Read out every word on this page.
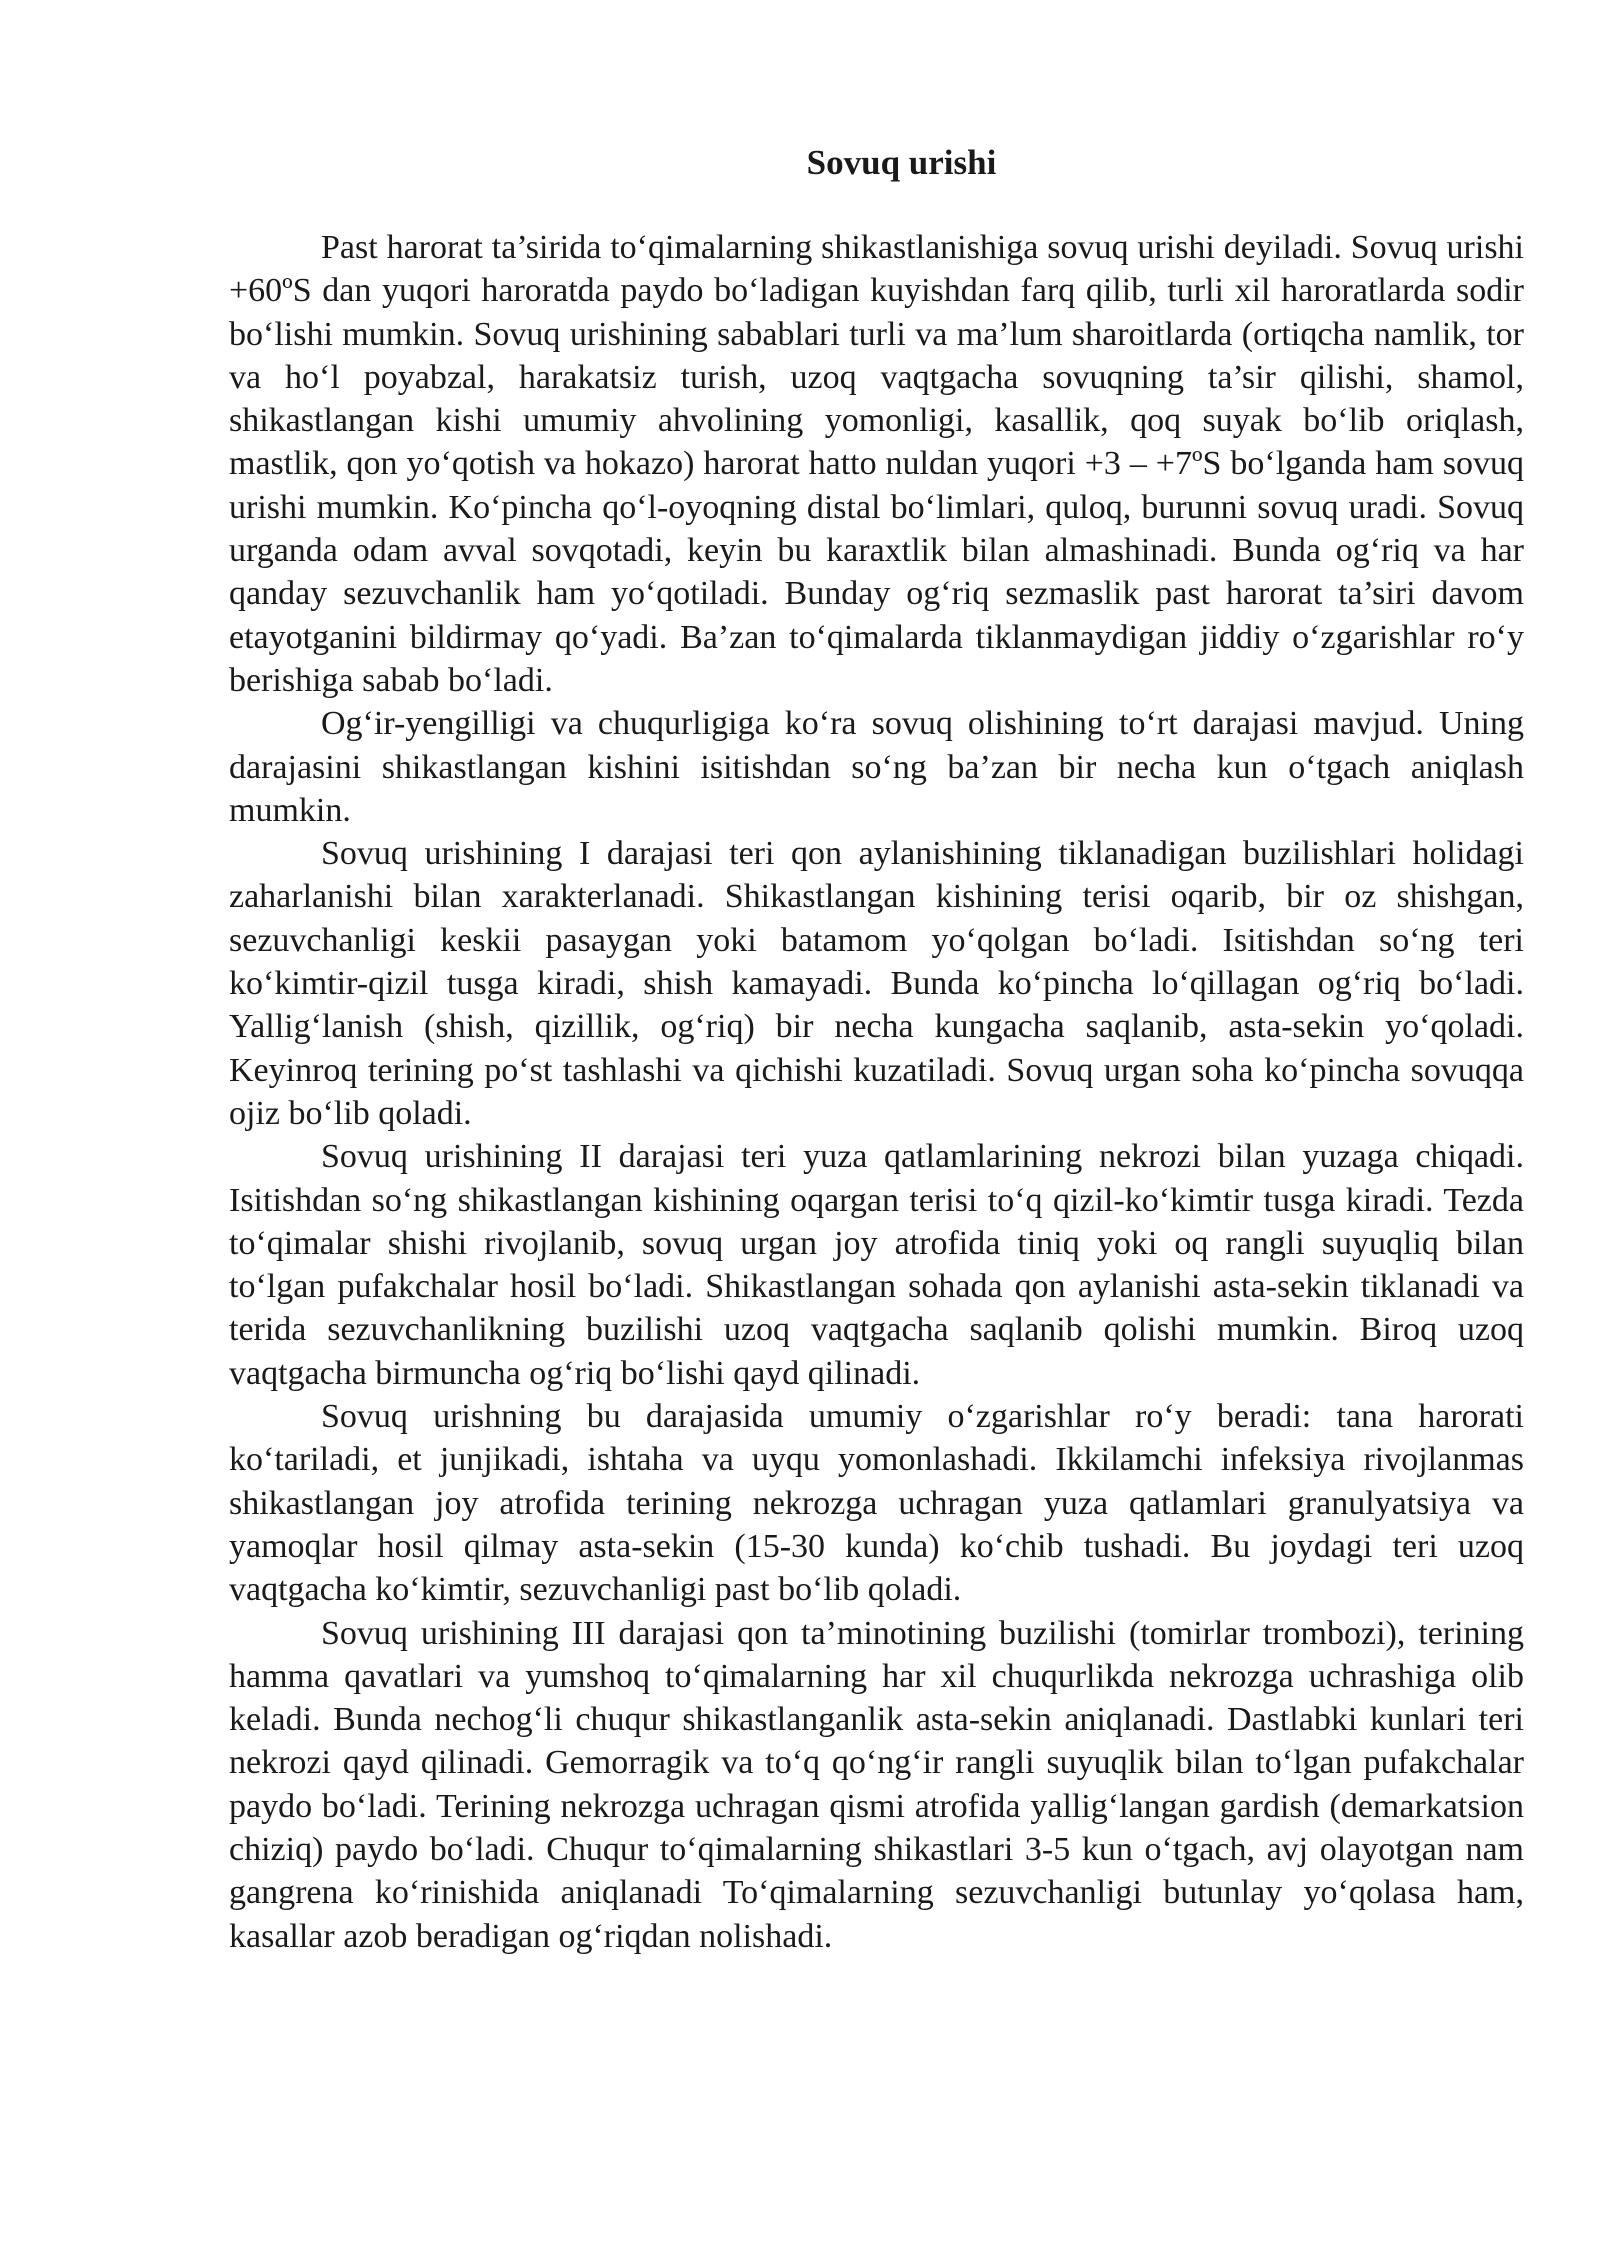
Sovuq urishi

Past harorat ta’sirida to‘qimalarning shikastlanishiga sovuq urishi deyiladi. Sovuq urishi +60ºS dan yuqori haroratda paydo bo‘ladigan kuyishdan farq qilib, turli xil haroratlarda sodir bo‘lishi mumkin. Sovuq urishining sabablari turli va ma’lum sharoitlarda (ortiqcha namlik, tor va ho‘l poyabzal, harakatsiz turish, uzoq vaqtgacha sovuqning ta’sir qilishi, shamol, shikastlangan kishi umumiy ahvolining yomonligi, kasallik, qoq suyak bo‘lib oriqlash, mastlik, qon yo‘qotish va hokazo) harorat hatto nuldan yuqori +3 – +7ºS bo‘lganda ham sovuq urishi mumkin. Ko‘pincha qo‘l-oyoqning distal bo‘limlari, quloq, burunni sovuq uradi. Sovuq urganda odam avval sovqotadi, keyin bu karaxtlik bilan almashinadi. Bunda og‘riq va har qanday sezuvchanlik ham yo‘qotiladi. Bunday og‘riq sezmaslik past harorat ta’siri davom etayotganini bildirmay qo‘yadi. Ba’zan to‘qimalarda tiklanmaydigan jiddiy o‘zgarishlar ro‘y berishiga sabab bo‘ladi.

Og‘ir-yengilligi va chuqurligiga ko‘ra sovuq olishining to‘rt darajasi mavjud. Uning darajasini shikastlangan kishini isitishdan so‘ng ba’zan bir necha kun o‘tgach aniqlash mumkin.

Sovuq urishining I darajasi teri qon aylanishining tiklanadigan buzilishlari holidagi zaharlanishi bilan xarakterlanadi. Shikastlangan kishining terisi oqarib, bir oz shishgan, sezuvchanligi keskii pasaygan yoki batamom yo‘qolgan bo‘ladi. Isitishdan so‘ng teri ko‘kimtir-qizil tusga kiradi, shish kamayadi. Bunda ko‘pincha lo‘qillagan og‘riq bo‘ladi. Yallig‘lanish (shish, qizillik, og‘riq) bir necha kungacha saqlanib, asta-sekin yo‘qoladi. Keyinroq terining po‘st tashlashi va qichishi kuzatiladi. Sovuq urgan soha ko‘pincha sovuqqa ojiz bo‘lib qoladi.

Sovuq urishining II darajasi teri yuza qatlamlarining nekrozi bilan yuzaga chiqadi. Isitishdan so‘ng shikastlangan kishining oqargan terisi to‘q qizil-ko‘kimtir tusga kiradi. Tezda to‘qimalar shishi rivojlanib, sovuq urgan joy atrofida tiniq yoki oq rangli suyuqliq bilan to‘lgan pufakchalar hosil bo‘ladi. Shikastlangan sohada qon aylanishi asta-sekin tiklanadi va terida sezuvchanlikning buzilishi uzoq vaqtgacha saqlanib qolishi mumkin. Biroq uzoq vaqtgacha birmuncha og‘riq bo‘lishi qayd qilinadi.

Sovuq urishning bu darajasida umumiy o‘zgarishlar ro‘y beradi: tana harorati ko‘tariladi, et junjikadi, ishtaha va uyqu yomonlashadi. Ikkilamchi infeksiya rivojlanmas shikastlangan joy atrofida terining nekrozga uchragan yuza qatlamlari granulyatsiya va yamoqlar hosil qilmay asta-sekin (15-30 kunda) ko‘chib tushadi. Bu joydagi teri uzoq vaqtgacha ko‘kimtir, sezuvchanligi past bo‘lib qoladi.

Sovuq urishining III darajasi qon ta’minotining buzilishi (tomirlar trombozi), terining hamma qavatlari va yumshoq to‘qimalarning har xil chuqurlikda nekrozga uchrashiga olib keladi. Bunda nechog‘li chuqur shikastlanganlik asta-sekin aniqlanadi. Dastlabki kunlari teri nekrozi qayd qilinadi. Gemorragik va to‘q qo‘ng‘ir rangli suyuqlik bilan to‘lgan pufakchalar paydo bo‘ladi. Terining nekrozga uchragan qismi atrofida yallig‘langan gardish (demarkatsion chiziq) paydo bo‘ladi. Chuqur to‘qimalarning shikastlari 3-5 kun o‘tgach, avj olayotgan nam gangrena ko‘rinishida aniqlanadi To‘qimalarning sezuvchanligi butunlay yo‘qolasa ham, kasallar azob beradigan og‘riqdan nolishadi.
